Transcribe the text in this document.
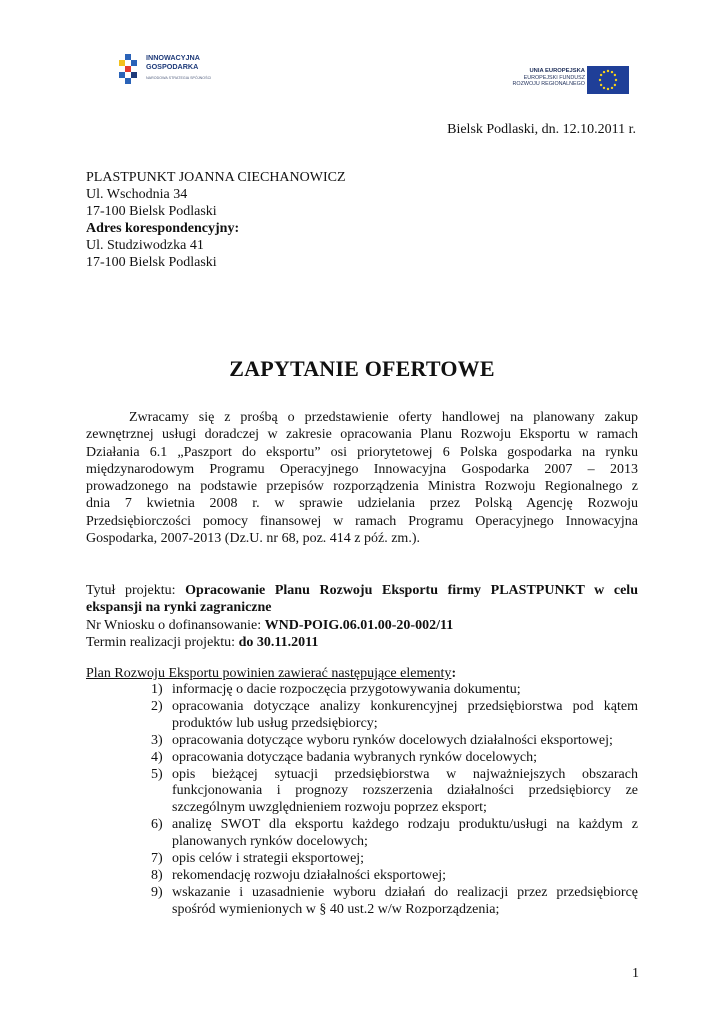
INNOWACYJNA
GOSPODARKA
NARODOWA STRATEGIA SPÓJNOŚCI
UNIA EUROPEJSKA
EUROPEJSKI FUNDUSZ
ROZWOJU REGIONALNEGO
Bielsk Podlaski, dn. 12.10.2011 r.
PLASTPUNKT JOANNA CIECHANOWICZ
Ul. Wschodnia 34
17-100 Bielsk Podlaski
Adres korespondencyjny:
Ul. Studziwodzka 41
17-100 Bielsk Podlaski
ZAPYTANIE OFERTOWE
Zwracamy się z prośbą o przedstawienie oferty handlowej na planowany zakup
zewnętrznej usługi doradczej w zakresie opracowania Planu Rozwoju Eksportu w ramach
Działania 6.1 „Paszport do eksportu” osi priorytetowej 6 Polska gospodarka na rynku
międzynarodowym Programu Operacyjnego Innowacyjna Gospodarka 2007 – 2013
prowadzonego na podstawie przepisów rozporządzenia Ministra Rozwoju Regionalnego z
dnia 7 kwietnia 2008 r. w sprawie udzielania przez Polską Agencję Rozwoju
Przedsiębiorczości pomocy finansowej w ramach Programu Operacyjnego Innowacyjna
Gospodarka, 2007-2013 (Dz.U. nr 68, poz. 414 z póź. zm.).
Tytuł projektu: Opracowanie Planu Rozwoju Eksportu firmy PLASTPUNKT w celu
ekspansji na rynki zagraniczne
Nr Wniosku o dofinansowanie: WND-POIG.06.01.00-20-002/11
Termin realizacji projektu: do 30.11.2011
Plan Rozwoju Eksportu powinien zawierać następujące elementy:
1) informację o dacie rozpoczęcia przygotowywania dokumentu;
2) opracowania dotyczące analizy konkurencyjnej przedsiębiorstwa pod kątem
produktów lub usług przedsiębiorcy;
3) opracowania dotyczące wyboru rynków docelowych działalności eksportowej;
4) opracowania dotyczące badania wybranych rynków docelowych;
5) opis bieżącej sytuacji przedsiębiorstwa w najważniejszych obszarach
funkcjonowania i prognozy rozszerzenia działalności przedsiębiorcy ze
szczególnym uwzględnieniem rozwoju poprzez eksport;
6) analizę SWOT dla eksportu każdego rodzaju produktu/usługi na każdym z
planowanych rynków docelowych;
7) opis celów i strategii eksportowej;
8) rekomendację rozwoju działalności eksportowej;
9) wskazanie i uzasadnienie wyboru działań do realizacji przez przedsiębiorcę
spośród wymienionych w § 40 ust.2 w/w Rozporządzenia;
1
